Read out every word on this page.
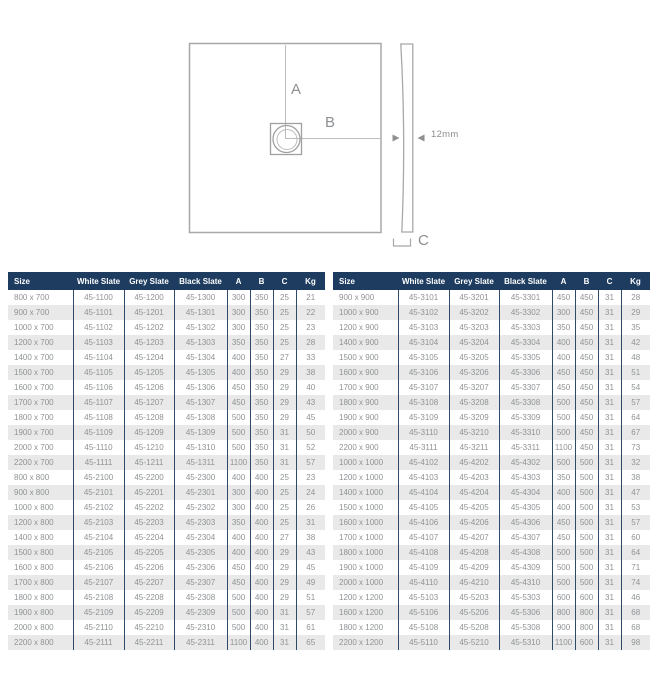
A
B
C
12mm
Size	White Slate	Grey Slate	Black Slate	A	B	C	Kg
800 x 700	45-1100	45-1200	45-1300	300	350	25	21
900 x 700	45-1101	45-1201	45-1301	300	350	25	22
1000 x 700	45-1102	45-1202	45-1302	300	350	25	23
1200 x 700	45-1103	45-1203	45-1303	350	350	25	28
1400 x 700	45-1104	45-1204	45-1304	400	350	27	33
1500 x 700	45-1105	45-1205	45-1305	400	350	29	38
1600 x 700	45-1106	45-1206	45-1306	450	350	29	40
1700 x 700	45-1107	45-1207	45-1307	450	350	29	43
1800 x 700	45-1108	45-1208	45-1308	500	350	29	45
1900 x 700	45-1109	45-1209	45-1309	500	350	31	50
2000 x 700	45-1110	45-1210	45-1310	500	350	31	52
2200 x 700	45-1111	45-1211	45-1311	1100	350	31	57
800 x 800	45-2100	45-2200	45-2300	400	400	25	23
900 x 800	45-2101	45-2201	45-2301	300	400	25	24
1000 x 800	45-2102	45-2202	45-2302	300	400	25	26
1200 x 800	45-2103	45-2203	45-2303	350	400	25	31
1400 x 800	45-2104	45-2204	45-2304	400	400	27	38
1500 x 800	45-2105	45-2205	45-2305	400	400	29	43
1600 x 800	45-2106	45-2206	45-2306	450	400	29	45
1700 x 800	45-2107	45-2207	45-2307	450	400	29	49
1800 x 800	45-2108	45-2208	45-2308	500	400	29	51
1900 x 800	45-2109	45-2209	45-2309	500	400	31	57
2000 x 800	45-2110	45-2210	45-2310	500	400	31	61
2200 x 800	45-2111	45-2211	45-2311	1100	400	31	65
Size	White Slate	Grey Slate	Black Slate	A	B	C	Kg
900 x 900	45-3101	45-3201	45-3301	450	450	31	28
1000 x 900	45-3102	45-3202	45-3302	300	450	31	29
1200 x 900	45-3103	45-3203	45-3303	350	450	31	35
1400 x 900	45-3104	45-3204	45-3304	400	450	31	42
1500 x 900	45-3105	45-3205	45-3305	400	450	31	48
1600 x 900	45-3106	45-3206	45-3306	450	450	31	51
1700 x 900	45-3107	45-3207	45-3307	450	450	31	54
1800 x 900	45-3108	45-3208	45-3308	500	450	31	57
1900 x 900	45-3109	45-3209	45-3309	500	450	31	64
2000 x 900	45-3110	45-3210	45-3310	500	450	31	67
2200 x 900	45-3111	45-3211	45-3311	1100	450	31	73
1000 x 1000	45-4102	45-4202	45-4302	500	500	31	32
1200 x 1000	45-4103	45-4203	45-4303	350	500	31	38
1400 x 1000	45-4104	45-4204	45-4304	400	500	31	47
1500 x 1000	45-4105	45-4205	45-4305	400	500	31	53
1600 x 1000	45-4106	45-4206	45-4306	450	500	31	57
1700 x 1000	45-4107	45-4207	45-4307	450	500	31	60
1800 x 1000	45-4108	45-4208	45-4308	500	500	31	64
1900 x 1000	45-4109	45-4209	45-4309	500	500	31	71
2000 x 1000	45-4110	45-4210	45-4310	500	500	31	74
1200 x 1200	45-5103	45-5203	45-5303	600	600	31	46
1600 x 1200	45-5106	45-5206	45-5306	800	800	31	68
1800 x 1200	45-5108	45-5208	45-5308	900	800	31	68
2200 x 1200	45-5110	45-5210	45-5310	1100	600	31	98
